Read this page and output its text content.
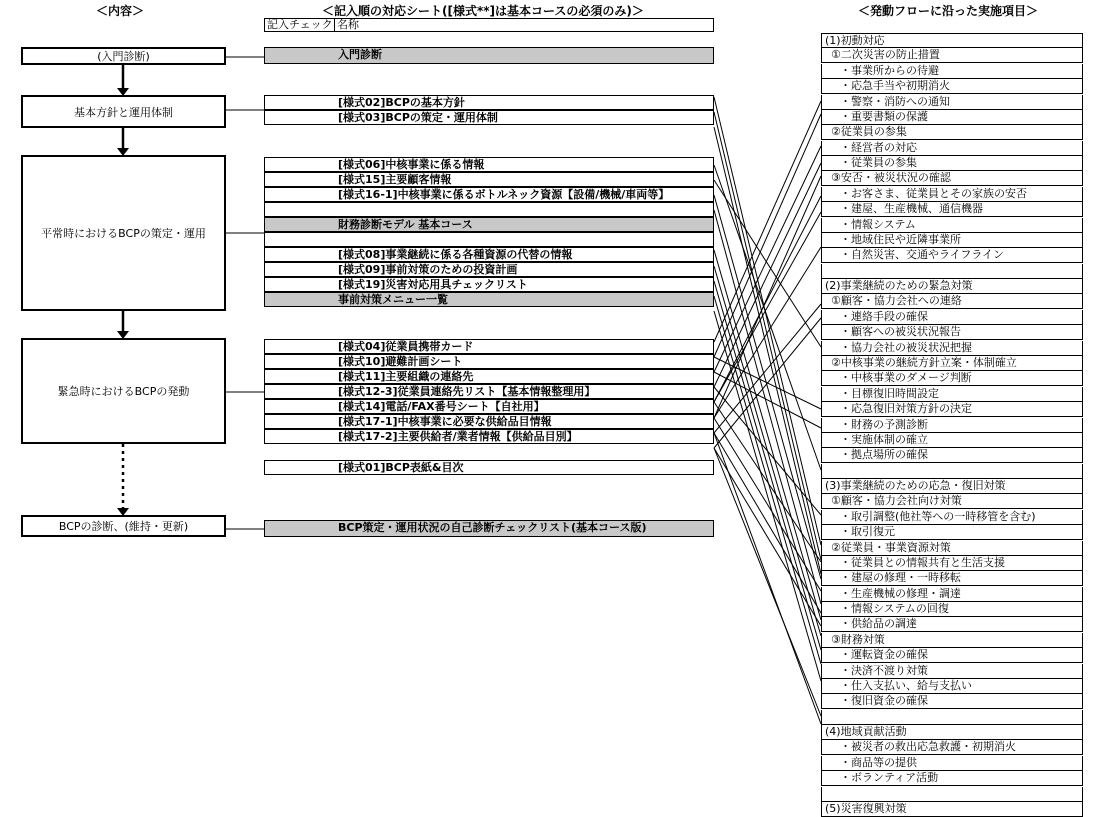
＜内容＞	＜記入順の対応シート([様式**]は基本コースの必須のみ)＞	＜発動フローに沿った実施項目＞
記入チェック 名称
(入門診断)
基本方針と運用体制
平常時におけるBCPの策定・運用
緊急時におけるBCPの発動
BCPの診断、(維持・更新)
入門診断
[様式02]BCPの基本方針
[様式03]BCPの策定・運用体制
[様式06]中核事業に係る情報
[様式15]主要顧客情報
[様式16-1]中核事業に係るボトルネック資源【設備/機械/車両等】
財務診断モデル 基本コース
[様式08]事業継続に係る各種資源の代替の情報
[様式09]事前対策のための投資計画
[様式19]災害対応用具チェックリスト
事前対策メニュー一覧
[様式04]従業員携帯カード
[様式10]避難計画シート
[様式11]主要組織の連絡先
[様式12-3]従業員連絡先リスト【基本情報整理用】
[様式14]電話/FAX番号シート【自社用】
[様式17-1]中核事業に必要な供給品目情報
[様式17-2]主要供給者/業者情報【供給品目別】
[様式01]BCP表紙&目次
BCP策定・運用状況の自己診断チェックリスト(基本コース版)
(1)初動対応
①二次災害の防止措置
・事業所からの待避
・応急手当や初期消火
・警察・消防への通知
・重要書類の保護
②従業員の参集
・経営者の対応
・従業員の参集
③安否・被災状況の確認
・お客さま、従業員とその家族の安否
・建屋、生産機械、通信機器
・情報システム
・地域住民や近隣事業所
・自然災害、交通やライフライン
(2)事業継続のための緊急対策
①顧客・協力会社への連絡
・連絡手段の確保
・顧客への被災状況報告
・協力会社の被災状況把握
②中核事業の継続方針立案・体制確立
・中核事業のダメージ判断
・目標復旧時間設定
・応急復旧対策方針の決定
・財務の予測診断
・実施体制の確立
・拠点場所の確保
(3)事業継続のための応急・復旧対策
①顧客・協力会社向け対策
・取引調整(他社等への一時移管を含む)
・取引復元
②従業員・事業資源対策
・従業員との情報共有と生活支援
・建屋の修理・一時移転
・生産機械の修理・調達
・情報システムの回復
・供給品の調達
③財務対策
・運転資金の確保
・決済不渡り対策
・仕入支払い、給与支払い
・復旧資金の確保
(4)地域貢献活動
・被災者の救出応急救護・初期消火
・商品等の提供
・ボランティア活動
(5)災害復興対策
